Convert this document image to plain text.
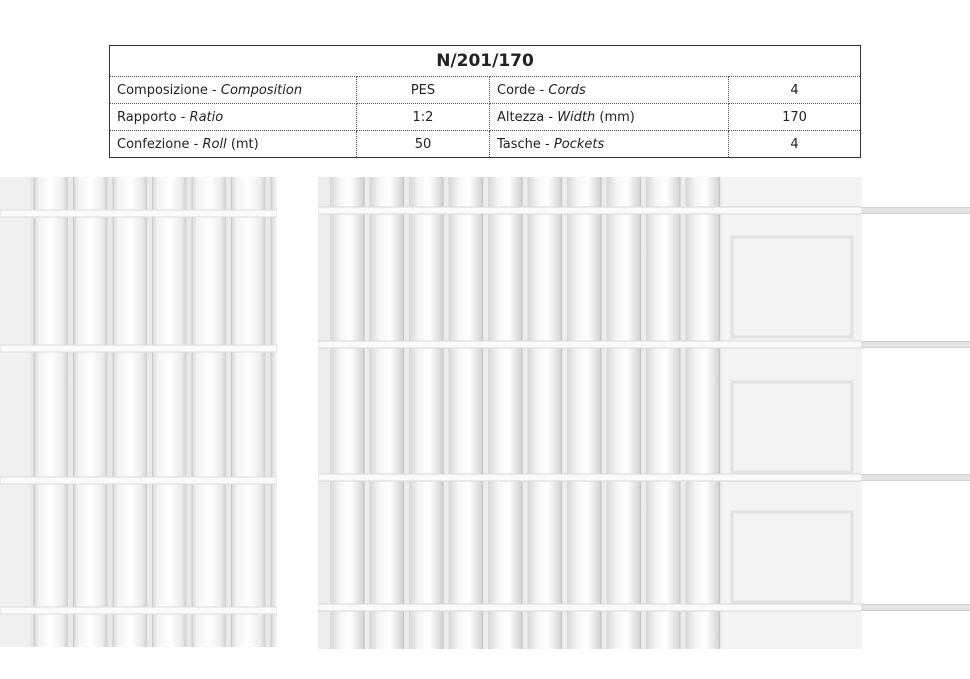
N/201/170			
Composizione - Composition	PES	Corde - Cords	4
Rapporto - Ratio	1:2	Altezza - Width (mm)	170
Confezione - Roll (mt)	50	Tasche - Pockets	4
